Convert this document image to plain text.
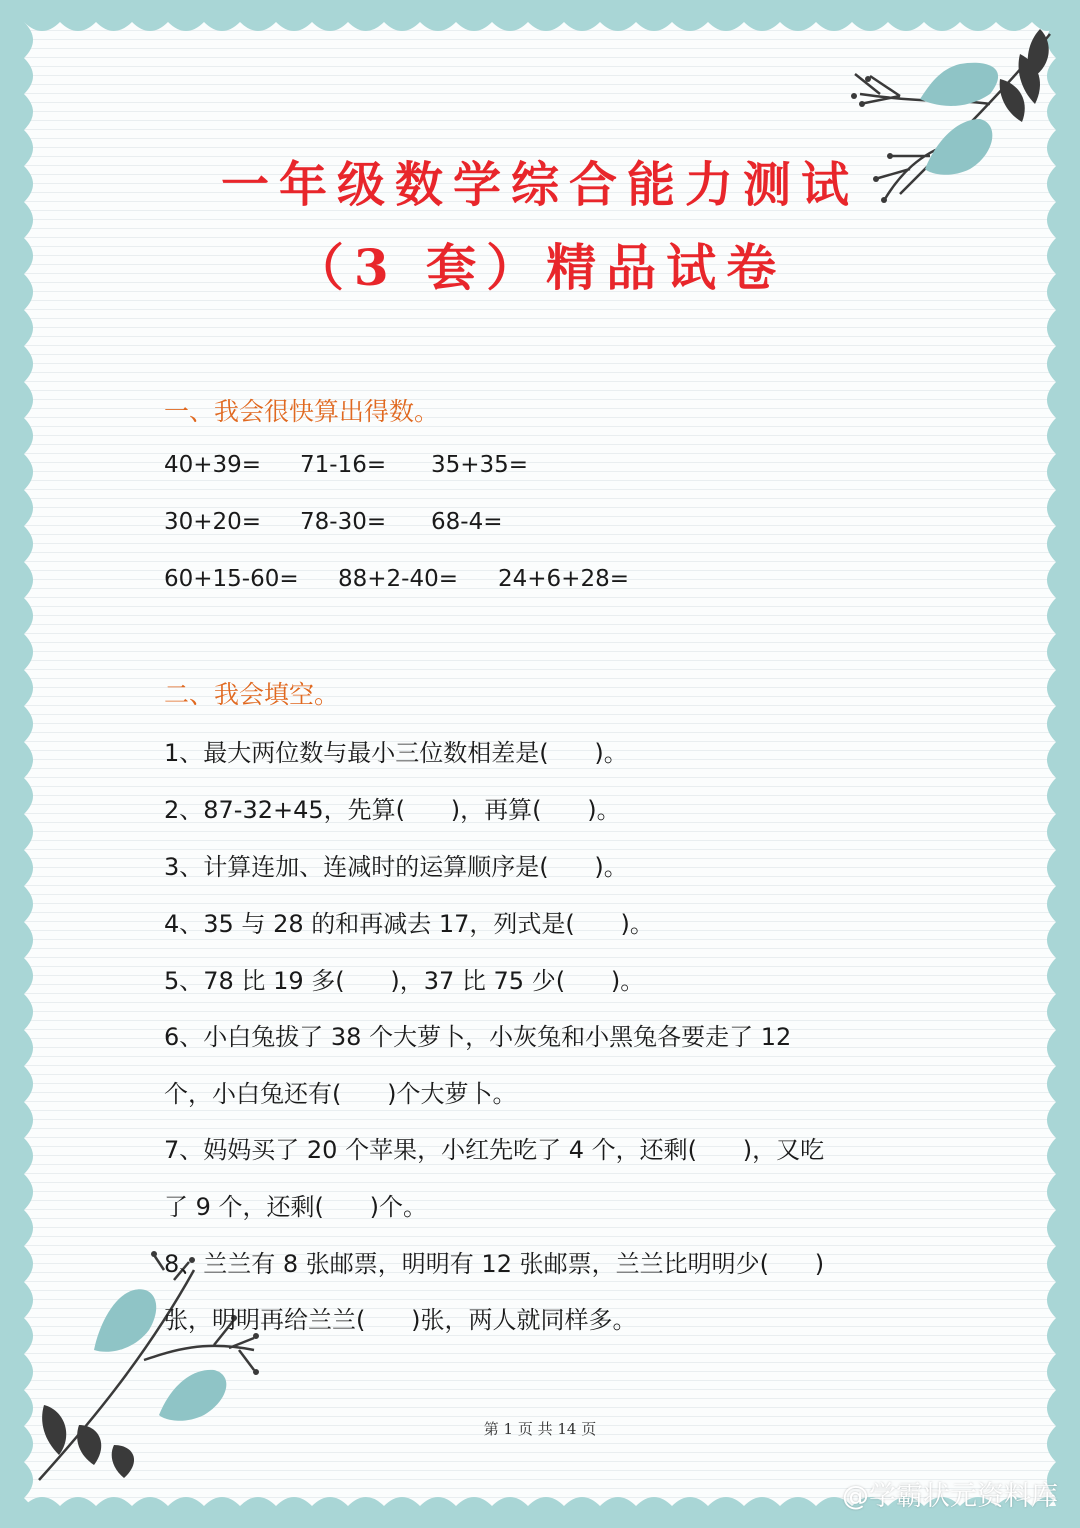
一年级数学综合能力测试
（3 套）精品试卷
一、我会很快算出得数。
40+39= 71-16= 35+35=
30+20= 78-30= 68-4=
60+15-60= 88+2-40= 24+6+28=
二、我会填空。
1、最大两位数与最小三位数相差是(      )。
2、87-32+45，先算(      )，再算(      )。
3、计算连加、连减时的运算顺序是(      )。
4、35 与 28 的和再减去 17，列式是(      )。
5、78 比 19 多(      )，37 比 75 少(      )。
6、小白兔拔了 38 个大萝卜，小灰兔和小黑兔各要走了 12
个，小白兔还有(      )个大萝卜。
7、妈妈买了 20 个苹果，小红先吃了 4 个，还剩(      )，又吃
了 9 个，还剩(      )个。
8、兰兰有 8 张邮票，明明有 12 张邮票，兰兰比明明少(      )
张，明明再给兰兰(      )张，两人就同样多。
第 1 页 共 14 页
@学霸状元资料库
